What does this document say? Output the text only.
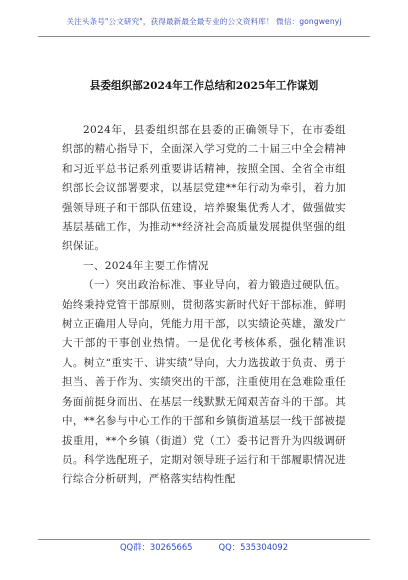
关注头条号"公文研究"，获得最新最全最专业的公文资料库！ 微信：gongwenyj
县委组织部2024年工作总结和2025年工作谋划

2024年，县委组织部在县委的正确领导下，在市委组织部的精心指导下，全面深入学习党的二十届三中全会精神和习近平总书记系列重要讲话精神，按照全国、全省全市组织部长会议部署要求，以基层党建**年行动为牵引，着力加强领导班子和干部队伍建设，培养聚集优秀人才，做强做实基层基础工作，为推动**经济社会高质量发展提供坚强的组织保证。

一、2024年主要工作情况

（一）突出政治标准、事业导向，着力锻造过硬队伍。始终秉持党管干部原则，贯彻落实新时代好干部标准，鲜明树立正确用人导向，凭能力用干部，以实绩论英雄，激发广大干部的干事创业热情。一是优化考核体系，强化精准识人。树立“重实干、讲实绩”导向，大力选拔敢于负责、勇于担当、善于作为、实绩突出的干部，注重使用在急难险重任务面前挺身而出、在基层一线默默无闻艰苦奋斗的干部。其中，**名参与中心工作的干部和乡镇街道基层一线干部被提拔重用，**个乡镇（街道）党（工）委书记晋升为四级调研员。科学选配班子，定期对领导班子运行和干部履职情况进行综合分析研判，严格落实结构性配

QQ群：30265665	QQ：535304092
